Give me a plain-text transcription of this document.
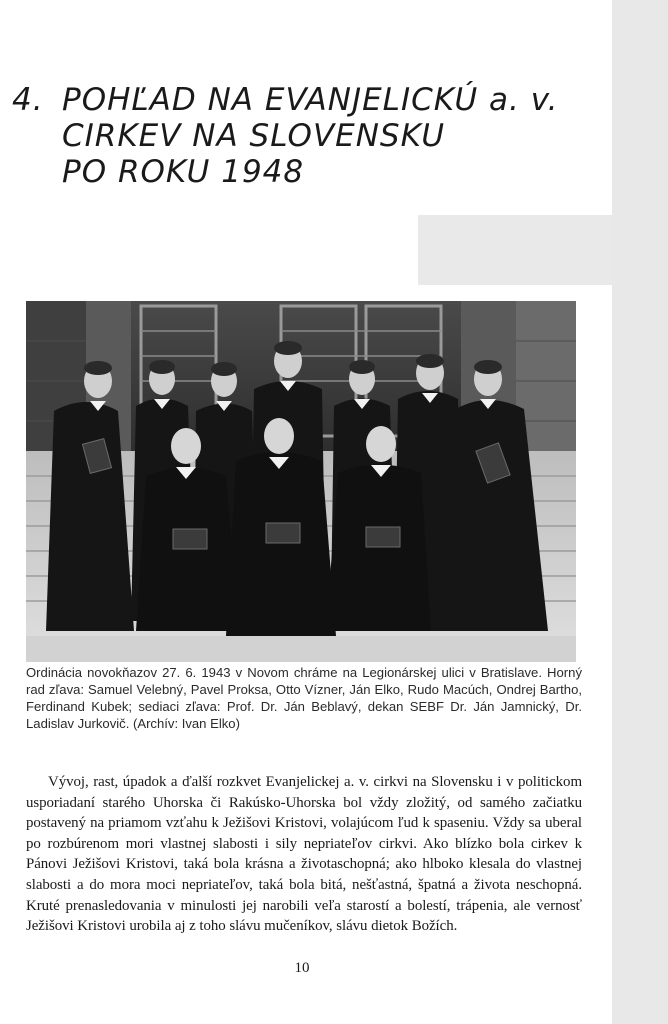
4. POHĽAD NA EVANJELICKÚ a. v.
CIRKEV NA SLOVENSKU
PO ROKU 1948
Ordinácia novokňazov 27. 6. 1943 v Novom chráme na Legionárskej ulici v Bratislave. Horný rad zľava: Samuel Velebný, Pavel Proksa, Otto Vízner, Ján Elko, Rudo Macúch, Ondrej Bartho, Ferdinand Kubek; sediaci zľava: Prof. Dr. Ján Beblavý, dekan SEBF Dr. Ján Jamnický, Dr. Ladislav Jurkovič. (Archív: Ivan Elko)
Vývoj, rast, úpadok a ďalší rozkvet Evanjelickej a. v. cirkvi na Slovensku i v politickom usporiadaní starého Uhorska či Rakúsko-Uhorska bol vždy zložitý, od samého začiatku postavený na priamom vzťahu k Ježišovi Kristovi, volajúcom ľud k spaseniu. Vždy sa uberal po rozbúrenom mori vlastnej slabosti i sily nepriateľov cirkvi. Ako blízko bola cirkev k Pánovi Ježišovi Kristovi, taká bola krásna a životaschopná; ako hlboko klesala do vlastnej slabosti a do mora moci nepriateľov, taká bola bitá, nešťastná, špatná a života neschopná. Kruté prenasledovania v minulosti jej narobili veľa starostí a bolestí, trápenia, ale vernosť Ježišovi Kristovi urobila aj z toho slávu mučeníkov, slávu dietok Božích.
10
